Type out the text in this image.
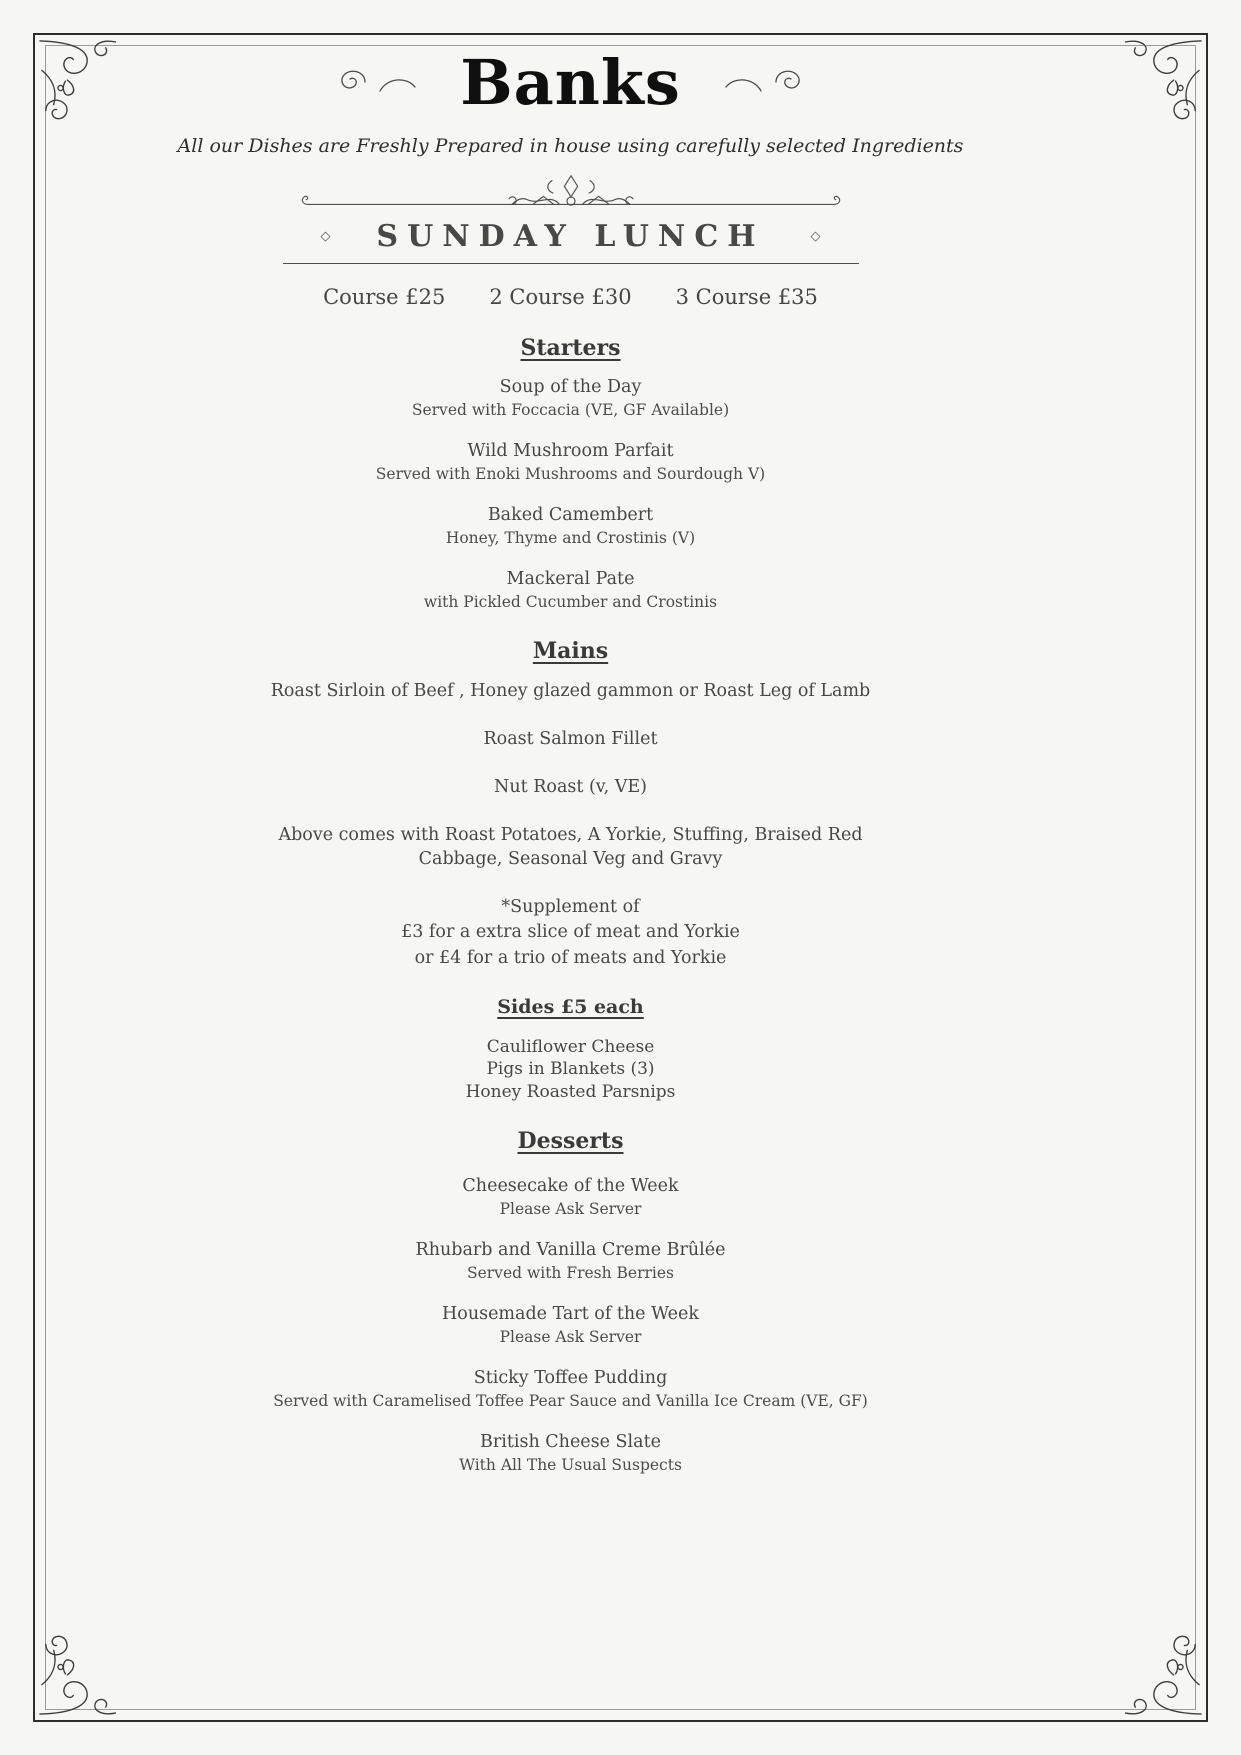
Banks
All our Dishes are Freshly Prepared in house using carefully selected Ingredients
◇ SUNDAY LUNCH	◇
Course £25 2 Course £30 3 Course £35
Starters
Soup of the Day
Served with Foccacia (VE, GF Available)
Wild Mushroom Parfait
Served with Enoki Mushrooms and Sourdough V)
Baked Camembert
Honey, Thyme and Crostinis (V)
Mackeral Pate
with Pickled Cucumber and Crostinis
Mains
Roast Sirloin of Beef , Honey glazed gammon or Roast Leg of Lamb
Roast Salmon Fillet
Nut Roast (v, VE)
Above comes with Roast Potatoes, A Yorkie, Stuffing, Braised Red Cabbage, Seasonal Veg and Gravy
*Supplement of
£3 for a extra slice of meat and Yorkie
or £4 for a trio of meats and Yorkie
Sides £5 each
Cauliflower Cheese
Pigs in Blankets (3)
Honey Roasted Parsnips
Desserts
Cheesecake of the Week
Please Ask Server
Rhubarb and Vanilla Creme Brûlée
Served with Fresh Berries
Housemade Tart of the Week
Please Ask Server
Sticky Toffee Pudding
Served with Caramelised Toffee Pear Sauce and Vanilla Ice Cream (VE, GF)
British Cheese Slate
With All The Usual Suspects
